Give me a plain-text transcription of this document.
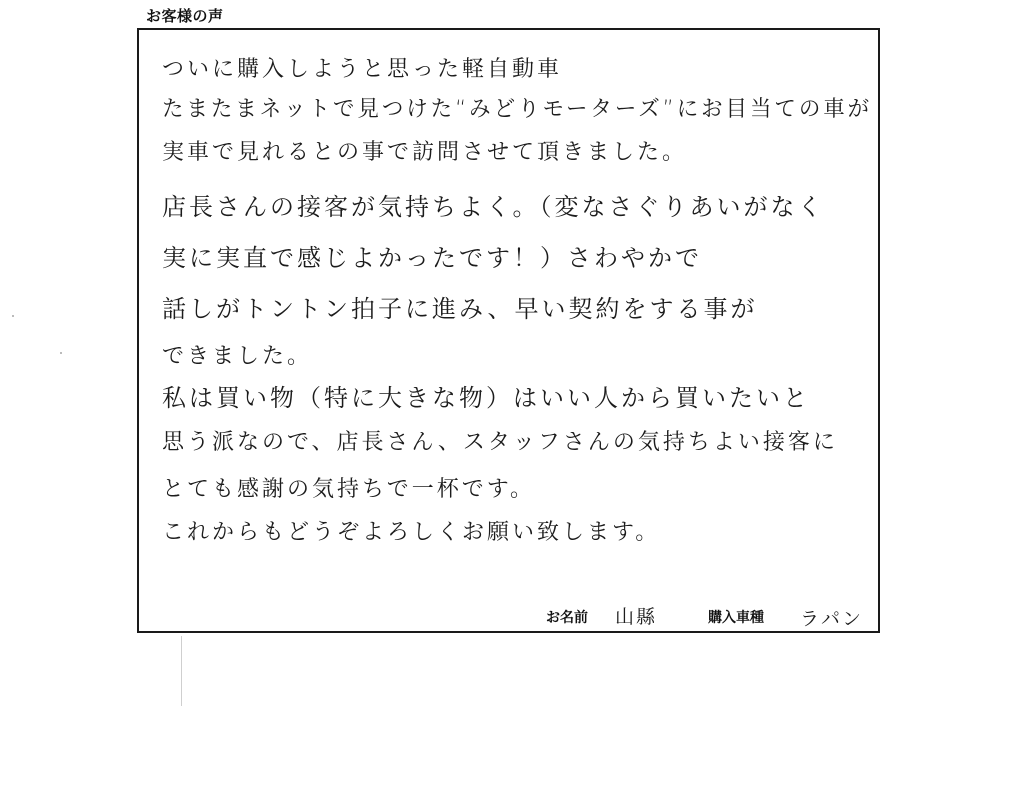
お客様の声
ついに購入しようと思った軽自動車
たまたまネットで見つけた“みどりモーターズ”にお目当ての車が
実車で見れるとの事で訪問させて頂きました。
店長さんの接客が気持ちよく。（変なさぐりあいがなく
実に実直で感じよかったです！）さわやかで
話しがトントン拍子に進み、早い契約をする事が
できました。
私は買い物（特に大きな物）はいい人から買いたいと
思う派なので、店長さん、スタッフさんの気持ちよい接客に
とても感謝の気持ちで一杯です。
これからもどうぞよろしくお願い致します。
お名前 山縣	購入車種 ラパン
